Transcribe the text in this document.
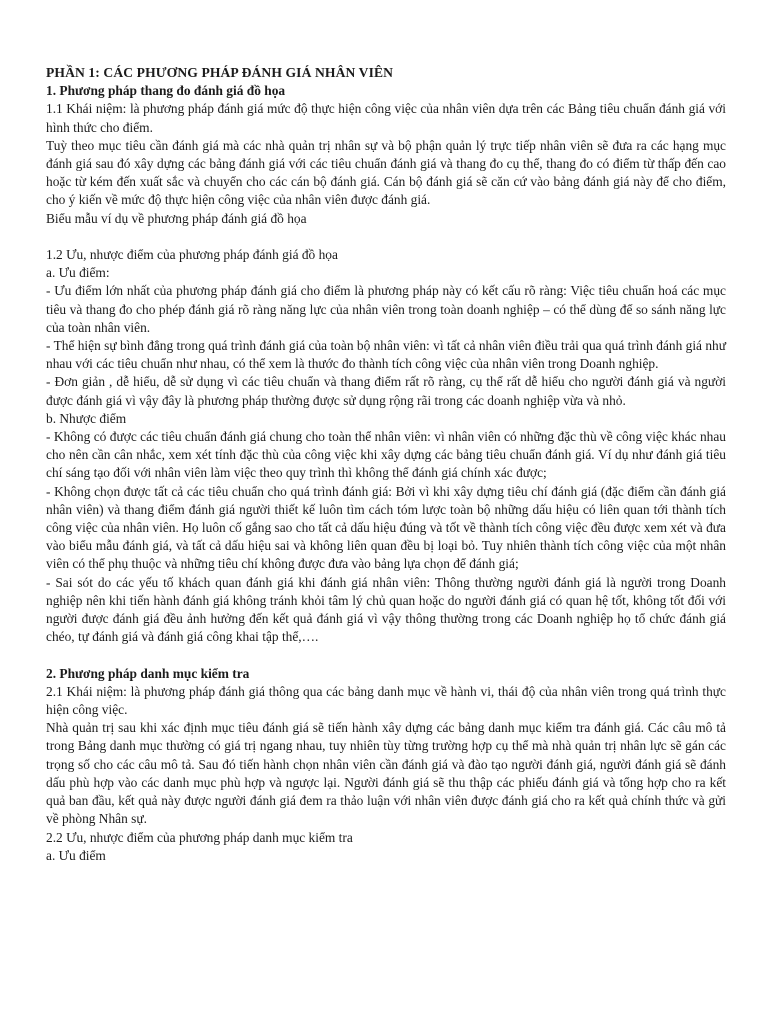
PHẦN 1: CÁC PHƯƠNG PHÁP ĐÁNH GIÁ NHÂN VIÊN

1. Phương pháp thang đo đánh giá đồ họa

1.1 Khái niệm: là phương pháp đánh giá mức độ thực hiện công việc của nhân viên dựa trên các Bảng tiêu chuẩn đánh giá với hình thức cho điểm.

Tuỳ theo mục tiêu cần đánh giá mà các nhà quản trị nhân sự và bộ phận quản lý trực tiếp nhân viên sẽ đưa ra các hạng mục đánh giá sau đó xây dựng các bảng đánh giá với các tiêu chuẩn đánh giá và thang đo cụ thể, thang đo có điểm từ thấp đến cao hoặc từ kém đến xuất sắc và chuyển cho các cán bộ đánh giá. Cán bộ đánh giá sẽ căn cứ vào bảng đánh giá này để cho điểm, cho ý kiến về mức độ thực hiện công việc của nhân viên được đánh giá.

Biểu mẫu ví dụ về phương pháp đánh giá đồ họa

1.2 Ưu, nhược điểm của phương pháp đánh giá đồ họa

a. Ưu điểm:

- Ưu điểm lớn nhất của phương pháp đánh giá cho điểm là phương pháp này có kết cấu rõ ràng: Việc tiêu chuẩn hoá các mục tiêu và thang đo cho phép đánh giá rõ ràng năng lực của nhân viên trong toàn doanh nghiệp – có thể dùng để so sánh năng lực của toàn nhân viên.

- Thể hiện sự bình đẳng trong quá trình đánh giá của toàn bộ nhân viên: vì tất cả nhân viên điều trải qua quá trình đánh giá như nhau với các tiêu chuẩn như nhau, có thể xem là thước đo thành tích công việc của nhân viên trong Doanh nghiệp.

- Đơn giản , dễ hiểu, dễ sử dụng vì các tiêu chuẩn và thang điểm rất rõ ràng, cụ thể rất dễ hiểu cho người đánh giá và người được đánh giá vì vậy đây là phương pháp thường được sử dụng rộng rãi trong các doanh nghiệp vừa và nhỏ.

b. Nhược điểm

- Không có được các tiêu chuẩn đánh giá chung cho toàn thể nhân viên: vì nhân viên có những đặc thù về công việc khác nhau cho nên cần cân nhắc, xem xét tính đặc thù của công việc khi xây dựng các bảng tiêu chuẩn đánh giá. Ví dụ như đánh giá tiêu chí sáng tạo đối với nhân viên làm việc theo quy trình thì không thể đánh giá chính xác được;

- Không chọn được tất cả các tiêu chuẩn cho quá trình đánh giá: Bởi vì khi xây dựng tiêu chí đánh giá (đặc điểm cần đánh giá nhân viên) và thang điểm đánh giá người thiết kế luôn tìm cách tóm lược toàn bộ những dấu hiệu có liên quan tới thành tích công việc của nhân viên. Họ luôn cố gắng sao cho tất cả dấu hiệu đúng và tốt về thành tích công việc đều được xem xét và đưa vào biểu mẫu đánh giá, và tất cả dấu hiệu sai và không liên quan đều bị loại bỏ. Tuy nhiên thành tích công việc của một nhân viên có thể phụ thuộc và những tiêu chí không được đưa vào bảng lựa chọn để đánh giá;

- Sai sót do các yếu tố khách quan đánh giá khi đánh giá nhân viên: Thông thường người đánh giá là người trong Doanh nghiệp nên khi tiến hành đánh giá không tránh khỏi tâm lý chủ quan hoặc do người đánh giá có quan hệ tốt, không tốt đối với người được đánh giá đều ảnh hưởng đến kết quả đánh giá vì vậy thông thường trong các Doanh nghiệp họ tổ chức đánh giá chéo, tự đánh giá và đánh giá công khai tập thể,….

2. Phương pháp danh mục kiểm tra

2.1 Khái niệm: là phương pháp đánh giá thông qua các bảng danh mục về hành vi, thái độ của nhân viên trong quá trình thực hiện công việc.

Nhà quản trị sau khi xác định mục tiêu đánh giá sẽ tiến hành xây dựng các bảng danh mục kiểm tra đánh giá. Các câu mô tả trong Bảng danh mục thường có giá trị ngang nhau, tuy nhiên tùy từng trường hợp cụ thể mà nhà quản trị nhân lực sẽ gán các trọng số cho các câu mô tả. Sau đó tiến hành chọn nhân viên cần đánh giá và đào tạo người đánh giá, người đánh giá sẽ đánh dấu phù hợp vào các danh mục phù hợp và ngược lại. Người đánh giá sẽ thu thập các phiếu đánh giá và tổng hợp cho ra kết quả ban đầu, kết quả này được người đánh giá đem ra thảo luận với nhân viên được đánh giá cho ra kết quả chính thức và gửi về phòng Nhân sự.

2.2 Ưu, nhược điểm của phương pháp danh mục kiểm tra

a. Ưu điểm
